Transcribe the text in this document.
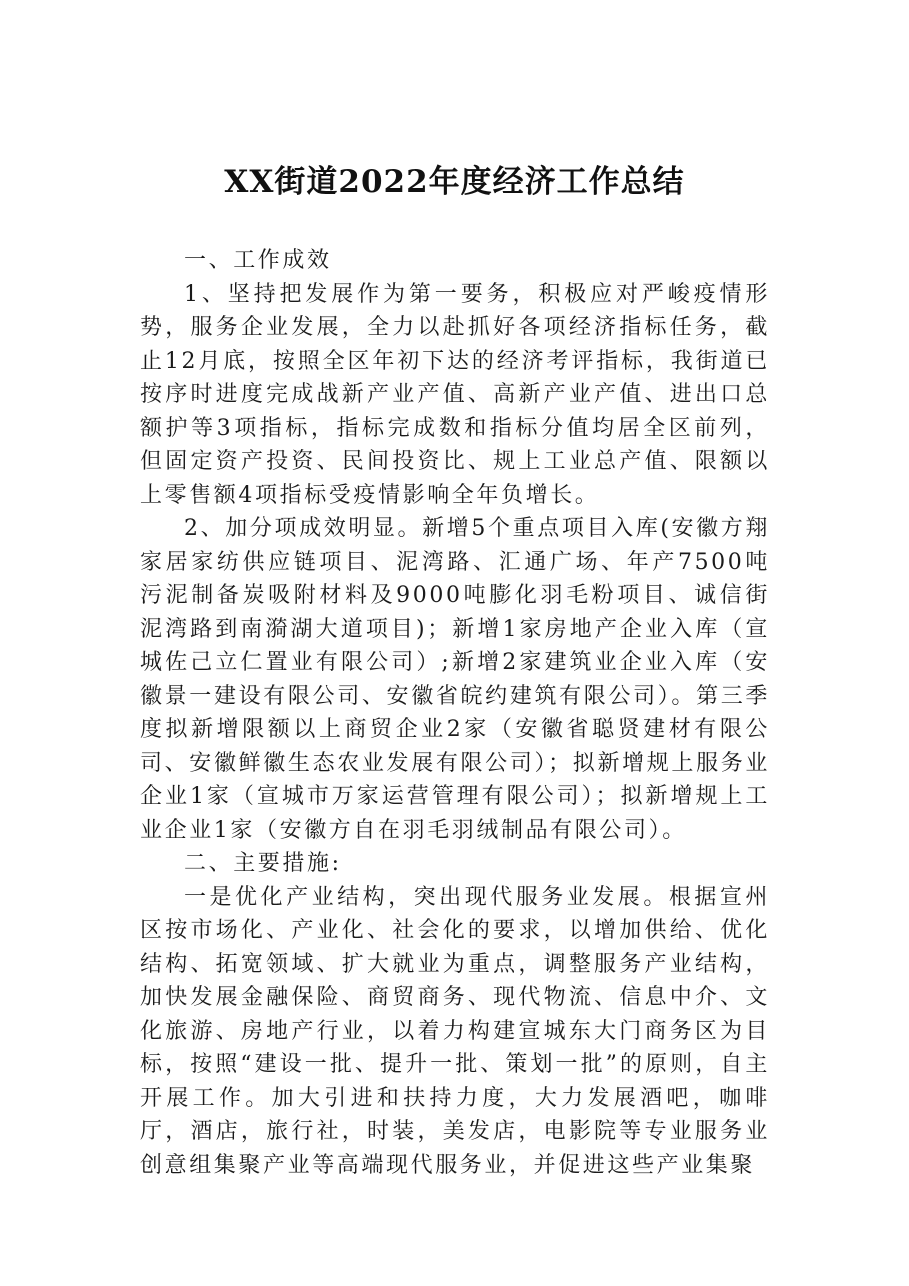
XX街道2022年度经济工作总结

一、工作成效

1、坚持把发展作为第一要务，积极应对严峻疫情形势，服务企业发展，全力以赴抓好各项经济指标任务，截止12月底，按照全区年初下达的经济考评指标，我街道已按序时进度完成战新产业产值、高新产业产值、进出口总额护等3项指标，指标完成数和指标分值均居全区前列，但固定资产投资、民间投资比、规上工业总产值、限额以上零售额4项指标受疫情影响全年负增长。

2、加分项成效明显。新增5个重点项目入库(安徽方翔家居家纺供应链项目、泥湾路、汇通广场、年产7500吨污泥制备炭吸附材料及9000吨膨化羽毛粉项目、诚信街泥湾路到南漪湖大道项目)；新增1家房地产企业入库（宣城佐己立仁置业有限公司）;新增2家建筑业企业入库（安徽景一建设有限公司、安徽省皖约建筑有限公司）。第三季度拟新增限额以上商贸企业2家（安徽省聪贤建材有限公司、安徽鲜徽生态农业发展有限公司）；拟新增规上服务业企业1家（宣城市万家运营管理有限公司）；拟新增规上工业企业1家（安徽方自在羽毛羽绒制品有限公司）。

二、主要措施:

一是优化产业结构，突出现代服务业发展。根据宣州区按市场化、产业化、社会化的要求，以增加供给、优化结构、拓宽领域、扩大就业为重点，调整服务产业结构，加快发展金融保险、商贸商务、现代物流、信息中介、文化旅游、房地产行业，以着力构建宣城东大门商务区为目标，按照“建设一批、提升一批、策划一批”的原则，自主开展工作。加大引进和扶持力度，大力发展酒吧，咖啡厅，酒店，旅行社，时装，美发店，电影院等专业服务业创意组集聚产业等高端现代服务业，并促进这些产业集聚
